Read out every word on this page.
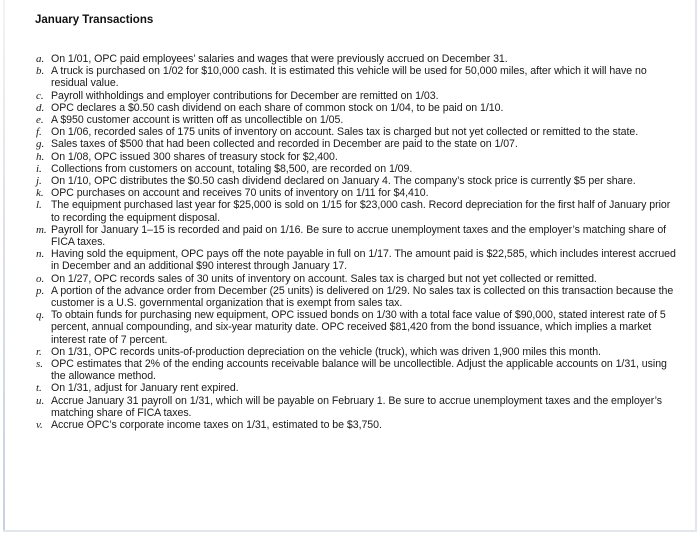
January Transactions
a. On 1/01, OPC paid employees’ salaries and wages that were previously accrued on December 31.
b. A truck is purchased on 1/02 for $10,000 cash. It is estimated this vehicle will be used for 50,000 miles, after which it will have no residual value.
c. Payroll withholdings and employer contributions for December are remitted on 1/03.
d. OPC declares a $0.50 cash dividend on each share of common stock on 1/04, to be paid on 1/10.
e. A $950 customer account is written off as uncollectible on 1/05.
f. On 1/06, recorded sales of 175 units of inventory on account. Sales tax is charged but not yet collected or remitted to the state.
g. Sales taxes of $500 that had been collected and recorded in December are paid to the state on 1/07.
h. On 1/08, OPC issued 300 shares of treasury stock for $2,400.
i. Collections from customers on account, totaling $8,500, are recorded on 1/09.
j. On 1/10, OPC distributes the $0.50 cash dividend declared on January 4. The company’s stock price is currently $5 per share.
k. OPC purchases on account and receives 70 units of inventory on 1/11 for $4,410.
l. The equipment purchased last year for $25,000 is sold on 1/15 for $23,000 cash. Record depreciation for the first half of January prior to recording the equipment disposal.
m. Payroll for January 1–15 is recorded and paid on 1/16. Be sure to accrue unemployment taxes and the employer’s matching share of FICA taxes.
n. Having sold the equipment, OPC pays off the note payable in full on 1/17. The amount paid is $22,585, which includes interest accrued in December and an additional $90 interest through January 17.
o. On 1/27, OPC records sales of 30 units of inventory on account. Sales tax is charged but not yet collected or remitted.
p. A portion of the advance order from December (25 units) is delivered on 1/29. No sales tax is collected on this transaction because the customer is a U.S. governmental organization that is exempt from sales tax.
q. To obtain funds for purchasing new equipment, OPC issued bonds on 1/30 with a total face value of $90,000, stated interest rate of 5 percent, annual compounding, and six-year maturity date. OPC received $81,420 from the bond issuance, which implies a market interest rate of 7 percent.
r. On 1/31, OPC records units-of-production depreciation on the vehicle (truck), which was driven 1,900 miles this month.
s. OPC estimates that 2% of the ending accounts receivable balance will be uncollectible. Adjust the applicable accounts on 1/31, using the allowance method.
t. On 1/31, adjust for January rent expired.
u. Accrue January 31 payroll on 1/31, which will be payable on February 1. Be sure to accrue unemployment taxes and the employer’s matching share of FICA taxes.
v. Accrue OPC’s corporate income taxes on 1/31, estimated to be $3,750.
